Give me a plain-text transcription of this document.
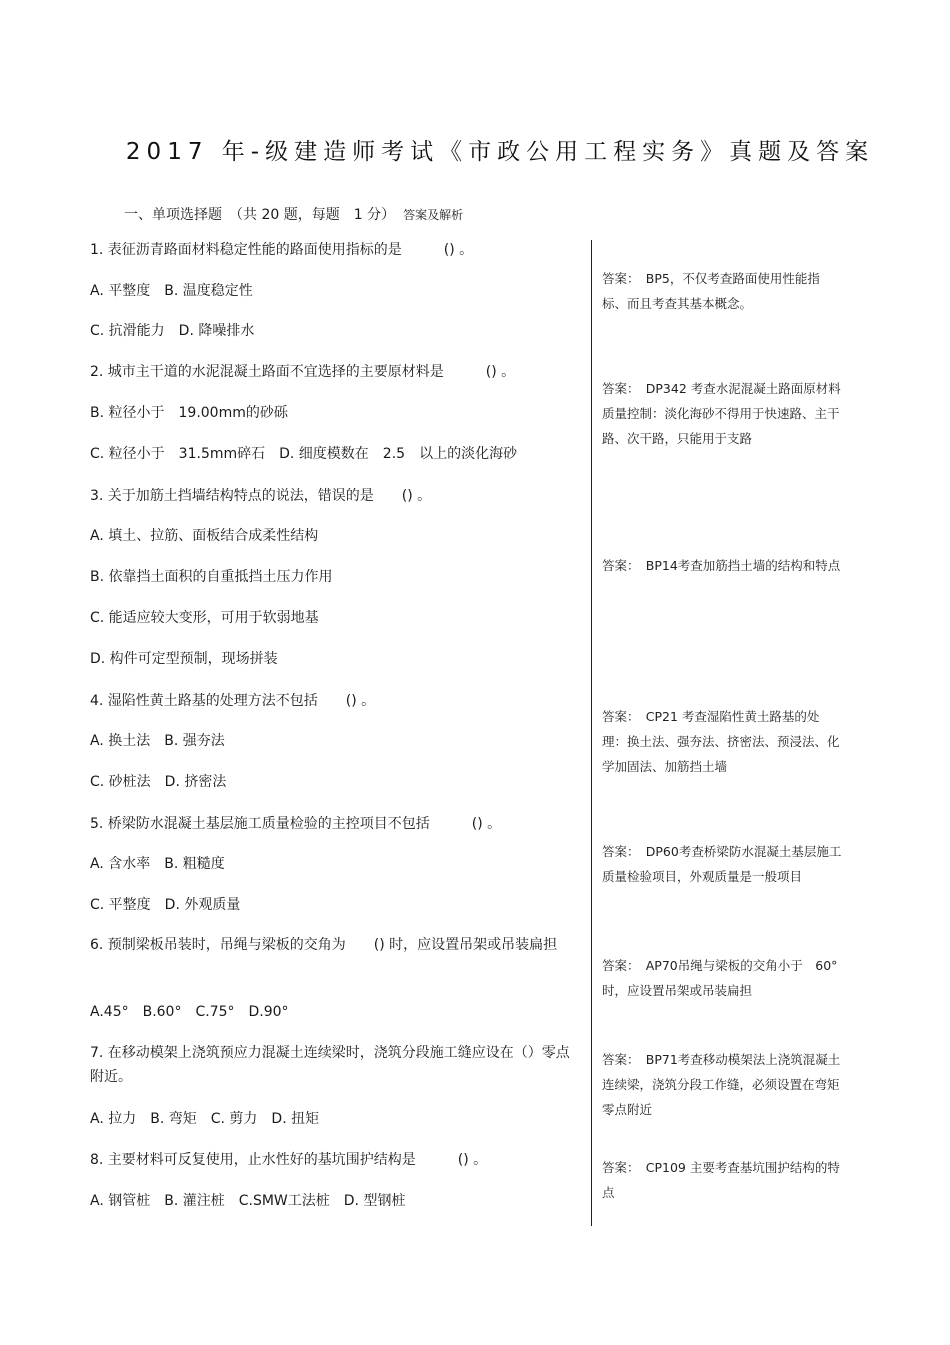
2017 年-级建造师考试《市政公用工程实务》真题及答案
一、单项选择题　（共 20 题，每题　1 分） 答案及解析
1. 表征沥青路面材料稳定性能的路面使用指标的是　　　() 。
A. 平整度　B. 温度稳定性
C. 抗滑能力　D. 降噪排水
2. 城市主干道的水泥混凝土路面不宜选择的主要原材料是　　　() 。
B. 粒径小于　19.00mm的砂砾
C. 粒径小于　31.5mm碎石　D. 细度模数在　2.5　以上的淡化海砂
3. 关于加筋土挡墙结构特点的说法，错误的是　　() 。
A. 填土、拉筋、面板结合成柔性结构
B. 依靠挡土面积的自重抵挡土压力作用
C. 能适应较大变形，可用于软弱地基
D. 构件可定型预制，现场拼装
4. 湿陷性黄土路基的处理方法不包括　　() 。
A. 换土法　B. 强夯法
C. 砂桩法　D. 挤密法
5. 桥梁防水混凝土基层施工质量检验的主控项目不包括　　　() 。
A. 含水率　B. 粗糙度
C. 平整度　D. 外观质量
6. 预制梁板吊装时，吊绳与梁板的交角为　　() 时，应设置吊架或吊装扁担
A.45°　B.60°　C.75°　D.90°
7. 在移动模架上浇筑预应力混凝土连续梁时，浇筑分段施工缝应设在（）零点附近。
A. 拉力　B. 弯矩　C. 剪力　D. 扭矩
8. 主要材料可反复使用，止水性好的基坑围护结构是　　　() 。
A. 钢管桩　B. 灌注桩　C.SMW工法桩　D. 型钢桩
答案：　BP5，不仅考查路面使用性能指标、而且考查其基本概念。
答案：　DP342 考查水泥混凝土路面原材料质量控制：淡化海砂不得用于快速路、主干路、次干路，只能用于支路
答案：　BP14考查加筋挡土墙的结构和特点
答案：　CP21 考查湿陷性黄土路基的处理：换土法、强夯法、挤密法、预浸法、化学加固法、加筋挡土墙
答案：　DP60考查桥梁防水混凝土基层施工质量检验项目，外观质量是一般项目
答案：　AP70吊绳与梁板的交角小于　60°时，应设置吊架或吊装扁担
答案：　BP71考查移动模架法上浇筑混凝土连续梁，浇筑分段工作缝，必须设置在弯矩零点附近
答案：　CP109 主要考查基坑围护结构的特点
